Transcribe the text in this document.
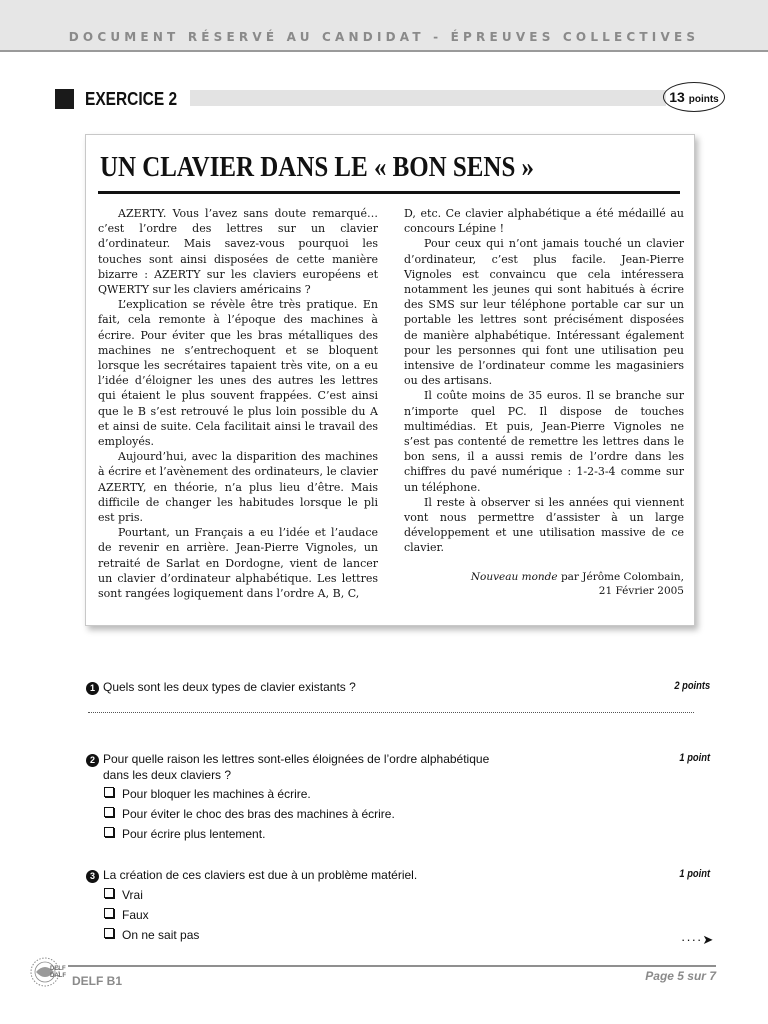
DOCUMENT RÉSERVÉ AU CANDIDAT - ÉPREUVES COLLECTIVES
EXERCICE 2	13 points
UN CLAVIER DANS LE « BON SENS »

AZERTY. Vous l’avez sans doute remarqué… c’est l’ordre des lettres sur un clavier d’ordinateur. Mais savez-vous pourquoi les touches sont ainsi disposées de cette manière bizarre : AZERTY sur les claviers européens et QWERTY sur les claviers américains ?

L’explication se révèle être très pratique. En fait, cela remonte à l’époque des machines à écrire. Pour éviter que les bras métalliques des machines ne s’entrechoquent et se bloquent lorsque les secrétaires tapaient très vite, on a eu l’idée d’éloigner les unes des autres les lettres qui étaient le plus souvent frappées. C’est ainsi que le B s’est retrouvé le plus loin possible du A et ainsi de suite. Cela facilitait ainsi le travail des employés.

Aujourd’hui, avec la disparition des machines à écrire et l’avènement des ordinateurs, le clavier AZERTY, en théorie, n’a plus lieu d’être. Mais difficile de changer les habitudes lorsque le pli est pris.

Pourtant, un Français a eu l’idée et l’audace de revenir en arrière. Jean-Pierre Vignoles, un retraité de Sarlat en Dordogne, vient de lancer un clavier d’ordinateur alphabétique. Les lettres sont rangées logiquement dans l’ordre A, B, C,

D, etc. Ce clavier alphabétique a été médaillé au concours Lépine !

Pour ceux qui n’ont jamais touché un clavier d’ordinateur, c’est plus facile. Jean-Pierre Vignoles est convaincu que cela intéressera notamment les jeunes qui sont habitués à écrire des SMS sur leur téléphone portable car sur un portable les lettres sont précisément disposées de manière alphabétique. Intéressant également pour les personnes qui font une utilisation peu intensive de l’ordinateur comme les magasiniers ou des artisans.

Il coûte moins de 35 euros. Il se branche sur n’importe quel PC. Il dispose de touches multimédias. Et puis, Jean-Pierre Vignoles ne s’est pas contenté de remettre les lettres dans le bon sens, il a aussi remis de l’ordre dans les chiffres du pavé numérique : 1-2-3-4 comme sur un téléphone.

Il reste à observer si les années qui viennent vont nous permettre d’assister à un large développement et une utilisation massive de ce clavier.

Nouveau monde par Jérôme Colombain,
21 Février 2005
1 Quels sont les deux types de clavier existants ?	2 points
2 Pour quelle raison les lettres sont-elles éloignées de l’ordre alphabétique
dans les deux claviers ?
1 point
Pour bloquer les machines à écrire.
Pour éviter le choc des bras des machines à écrire.
Pour écrire plus lentement.
3 La création de ces claviers est due à un problème matériel.	1 point
Vrai
Faux
On ne sait pas	····➤
DELF
DALF DELF B1	Page 5 sur 7
